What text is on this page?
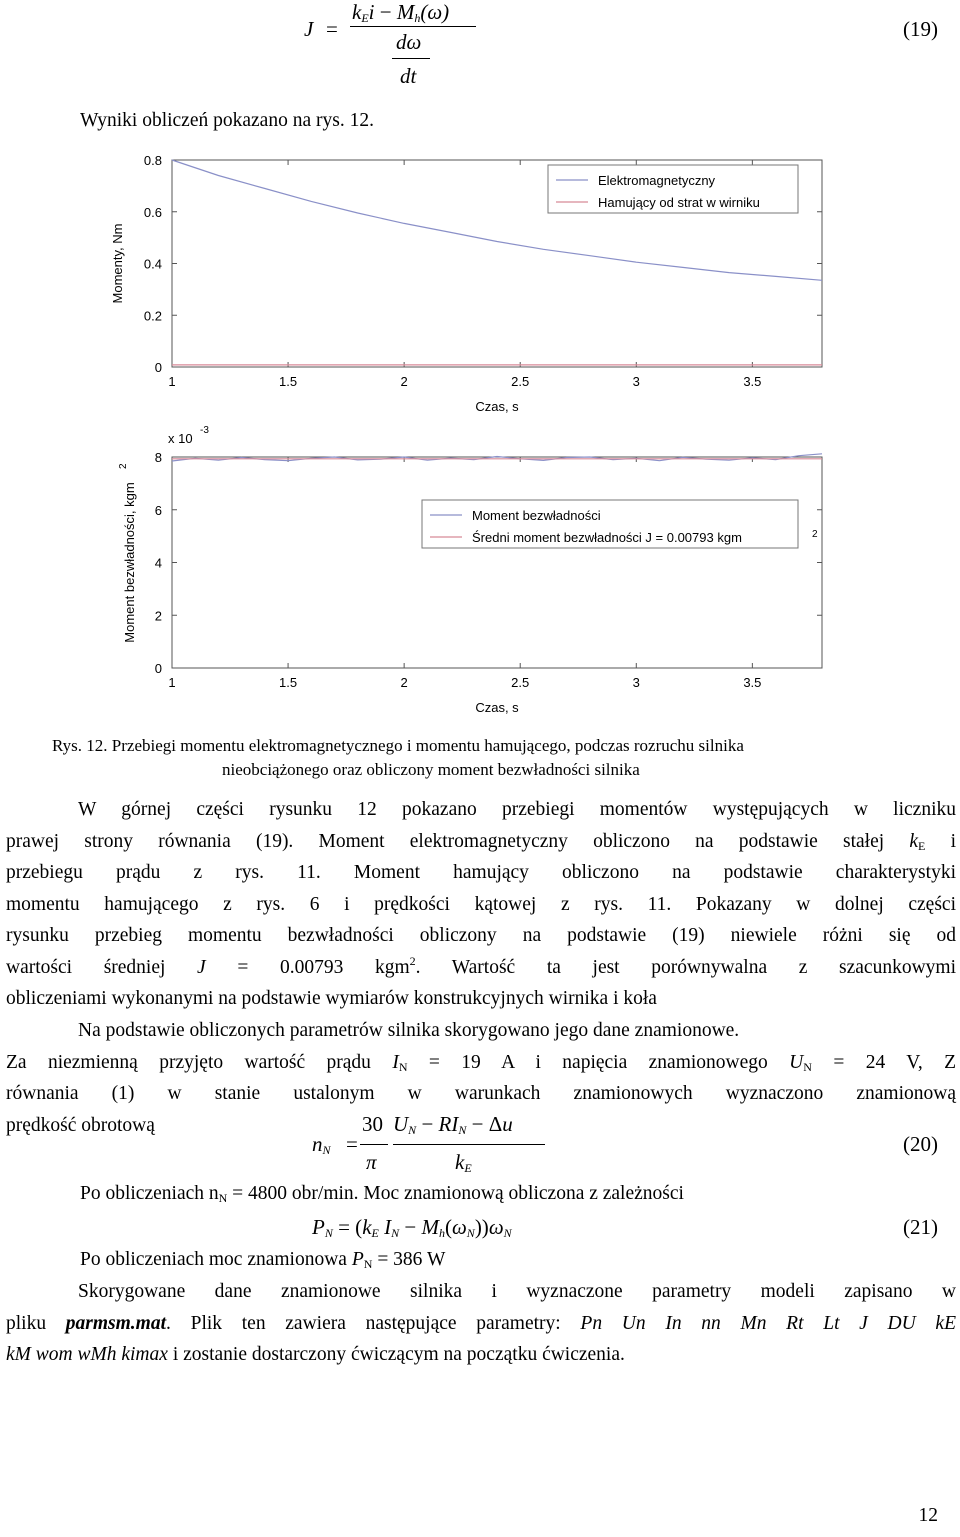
J =
$k_Ei - M_h(\omega)$
dω
dt
(19)
Wyniki obliczeń pokazano na rys. 12.
1	1.5	2	2.5	3	3.5
0
0.2
0.4
0.6
0.8
Czas, s
Momenty, Nm
Elektromagnetyczny
Hamujący od strat w wirniku
1	1.5	2	2.5	3	3.5
0
2
4
6
8
Czas, s
Moment bezwładności, kgm
2
x 10
-3
Moment bezwładności
Średni moment bezwładności J = 0.00793 kgm	2
Rys. 12. Przebiegi momentu elektromagnetycznego i momentu hamującego, podczas rozruchu silnika
nieobciążonego oraz obliczony moment bezwładności silnika
W górnej części rysunku 12 pokazano przebiegi momentów występujących w liczniku
prawej strony równania (19). Moment elektromagnetyczny obliczono na podstawie stałej $k_E$ i
przebiegu prądu z rys. 11. Moment hamujący obliczono na podstawie charakterystyki
momentu hamującego z rys. 6 i prędkości kątowej z rys. 11. Pokazany w dolnej części
rysunku przebieg momentu bezwładności obliczony na podstawie (19) niewiele różni się od
wartości średniej J = 0.00793 kgm$^2$. Wartość ta jest porównywalna z szacunkowymi
obliczeniami wykonanymi na podstawie wymiarów konstrukcyjnych wirnika i koła
Na podstawie obliczonych parametrów silnika skorygowano jego dane znamionowe.
Za niezmienną przyjęto wartość prądu $I_N = 19$ A i napięcia znamionowego $U_N = 24$ V, Z
równania (1) w stanie ustalonym w warunkach znamionowych wyznaczono znamionową
prędkość obrotową
$n_N$ =
30
π
$U_N - RI_N - \Delta u$
$k_E$
(20)
Po obliczeniach $n_N = 4800$ obr/min. Moc znamionową obliczona z zależności
$P_N = (k_E$ $I_N - M_h(\omega_N))\omega_N$	(21)
Po obliczeniach moc znamionowa $P_N = 386$ W
Skorygowane dane znamionowe silnika i wyznaczone parametry modeli zapisano w
pliku parmsm.mat. Plik ten zawiera następujące parametry: Pn Un In nn Mn Rt Lt J DU kE
kM wom wMh kimax i zostanie dostarczony ćwiczącym na początku ćwiczenia.
12
